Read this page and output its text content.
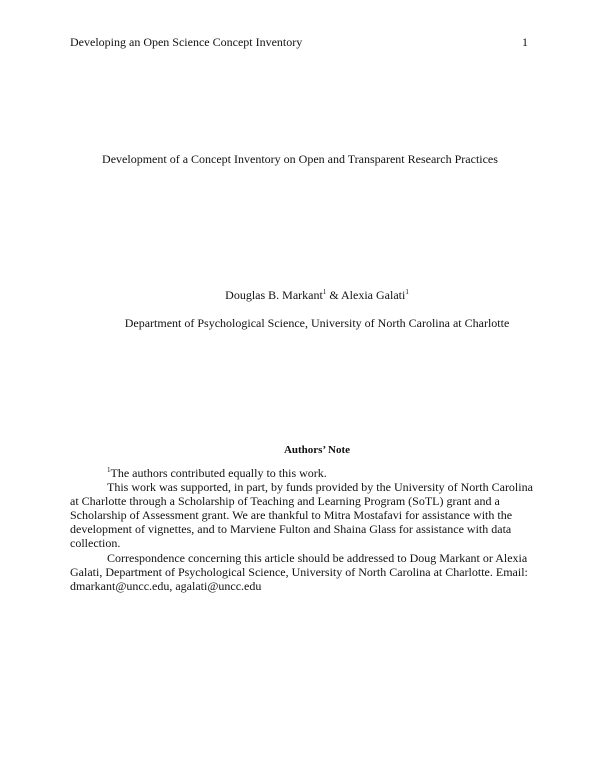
Developing an Open Science Concept Inventory	1
Development of a Concept Inventory on Open and Transparent Research Practices
Douglas B. Markant$^1$ & Alexia Galati$^1$
Department of Psychological Science, University of North Carolina at Charlotte
Authors’ Note

$^1$The authors contributed equally to this work.

This work was supported, in part, by funds provided by the University of North Carolina
at Charlotte through a Scholarship of Teaching and Learning Program (SoTL) grant and a
Scholarship of Assessment grant. We are thankful to Mitra Mostafavi for assistance with the
development of vignettes, and to Marviene Fulton and Shaina Glass for assistance with data
collection.

Correspondence concerning this article should be addressed to Doug Markant or Alexia
Galati, Department of Psychological Science, University of North Carolina at Charlotte. Email:
dmarkant@uncc.edu, agalati@uncc.edu
